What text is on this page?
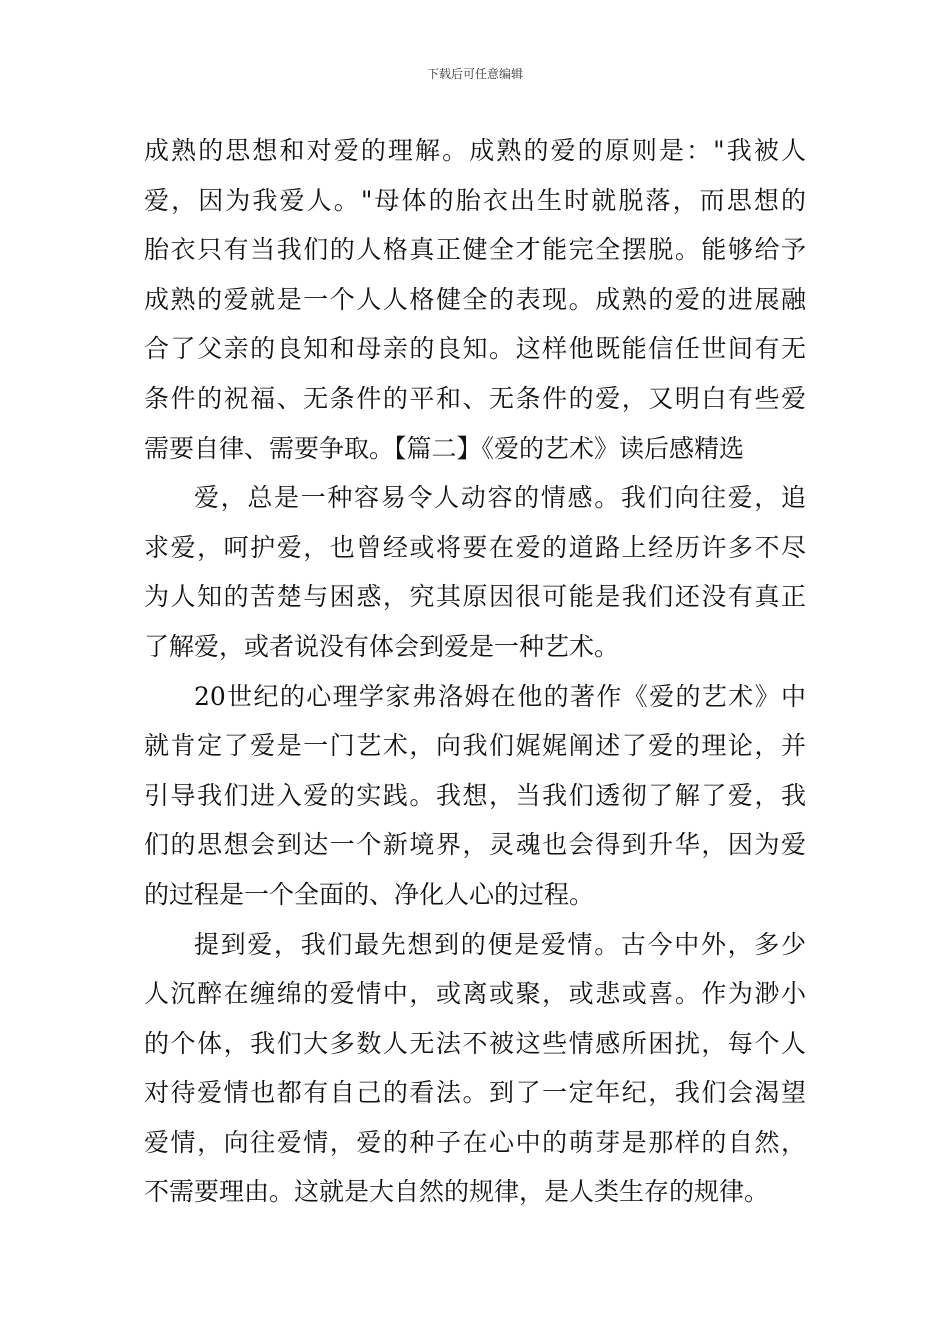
下载后可任意编辑
成熟的思想和对爱的理解。成熟的爱的原则是："我被人
爱，因为我爱人。"母体的胎衣出生时就脱落，而思想的
胎衣只有当我们的人格真正健全才能完全摆脱。能够给予
成熟的爱就是一个人人格健全的表现。成熟的爱的进展融
合了父亲的良知和母亲的良知。这样他既能信任世间有无
条件的祝福、无条件的平和、无条件的爱，又明白有些爱
需要自律、需要争取。【篇二】《爱的艺术》读后感精选
爱，总是一种容易令人动容的情感。我们向往爱，追
求爱，呵护爱，也曾经或将要在爱的道路上经历许多不尽
为人知的苦楚与困惑，究其原因很可能是我们还没有真正
了解爱，或者说没有体会到爱是一种艺术。
20世纪的心理学家弗洛姆在他的著作《爱的艺术》中
就肯定了爱是一门艺术，向我们娓娓阐述了爱的理论，并
引导我们进入爱的实践。我想，当我们透彻了解了爱，我
们的思想会到达一个新境界，灵魂也会得到升华，因为爱
的过程是一个全面的、净化人心的过程。
提到爱，我们最先想到的便是爱情。古今中外，多少
人沉醉在缠绵的爱情中，或离或聚，或悲或喜。作为渺小
的个体，我们大多数人无法不被这些情感所困扰，每个人
对待爱情也都有自己的看法。到了一定年纪，我们会渴望
爱情，向往爱情，爱的种子在心中的萌芽是那样的自然，
不需要理由。这就是大自然的规律，是人类生存的规律。
